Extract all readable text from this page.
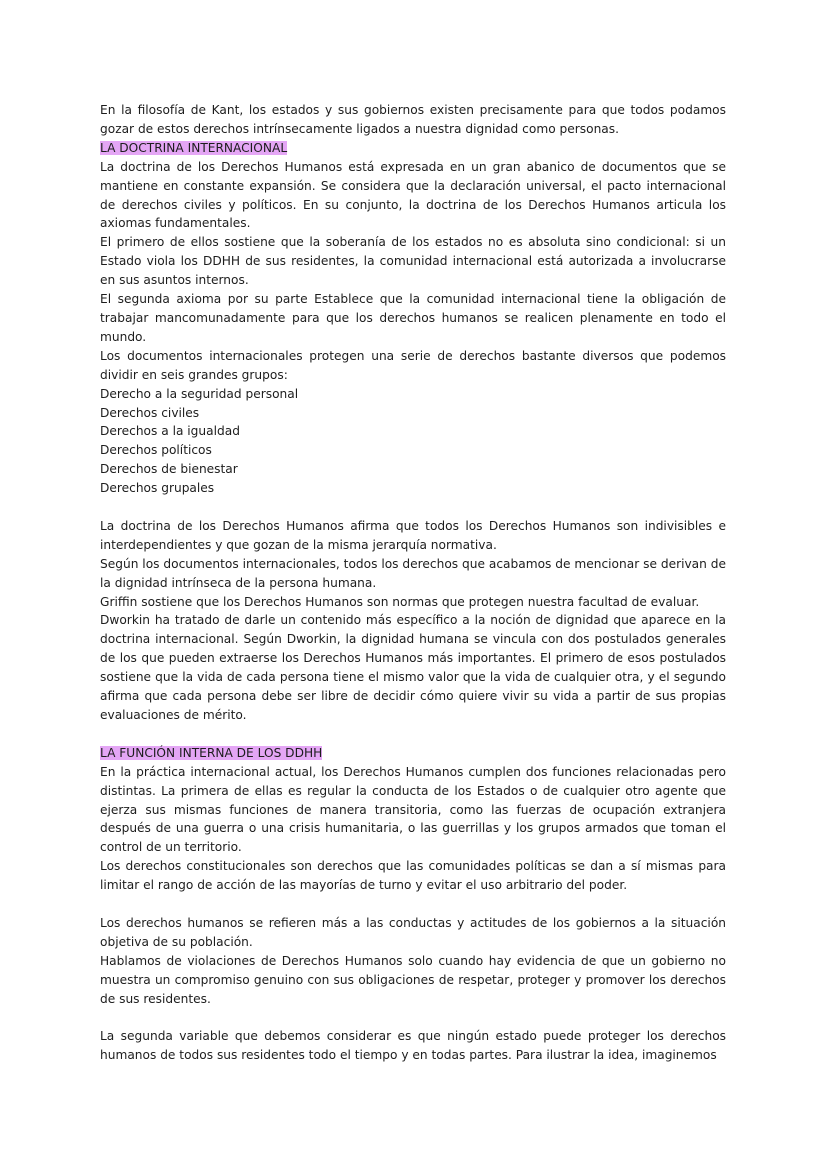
En la filosofía de Kant, los estados y sus gobiernos existen precisamente para que todos podamos gozar de estos derechos intrínsecamente ligados a nuestra dignidad como personas.

LA DOCTRINA INTERNACIONAL

La doctrina de los Derechos Humanos está expresada en un gran abanico de documentos que se mantiene en constante expansión. Se considera que la declaración universal, el pacto internacional de derechos civiles y políticos. En su conjunto, la doctrina de los Derechos Humanos articula los axiomas fundamentales.

El primero de ellos sostiene que la soberanía de los estados no es absoluta sino condicional: si un Estado viola los DDHH de sus residentes, la comunidad internacional está autorizada a involucrarse en sus asuntos internos.

El segunda axioma por su parte Establece que la comunidad internacional tiene la obligación de trabajar mancomunadamente para que los derechos humanos se realicen plenamente en todo el mundo.

Los documentos internacionales protegen una serie de derechos bastante diversos que podemos dividir en seis grandes grupos:

Derecho a la seguridad personal
Derechos civiles
Derechos a la igualdad
Derechos políticos
Derechos de bienestar
Derechos grupales

La doctrina de los Derechos Humanos afirma que todos los Derechos Humanos son indivisibles e interdependientes y que gozan de la misma jerarquía normativa.

Según los documentos internacionales, todos los derechos que acabamos de mencionar se derivan de la dignidad intrínseca de la persona humana.

Griffin sostiene que los Derechos Humanos son normas que protegen nuestra facultad de evaluar.

Dworkin ha tratado de darle un contenido más específico a la noción de dignidad que aparece en la doctrina internacional. Según Dworkin, la dignidad humana se vincula con dos postulados generales de los que pueden extraerse los Derechos Humanos más importantes. El primero de esos postulados sostiene que la vida de cada persona tiene el mismo valor que la vida de cualquier otra, y el segundo afirma que cada persona debe ser libre de decidir cómo quiere vivir su vida a partir de sus propias evaluaciones de mérito.

LA FUNCIÓN INTERNA DE LOS DDHH

En la práctica internacional actual, los Derechos Humanos cumplen dos funciones relacionadas pero distintas. La primera de ellas es regular la conducta de los Estados o de cualquier otro agente que ejerza sus mismas funciones de manera transitoria, como las fuerzas de ocupación extranjera después de una guerra o una crisis humanitaria, o las guerrillas y los grupos armados que toman el control de un territorio.

Los derechos constitucionales son derechos que las comunidades políticas se dan a sí mismas para limitar el rango de acción de las mayorías de turno y evitar el uso arbitrario del poder.

Los derechos humanos se refieren más a las conductas y actitudes de los gobiernos a la situación objetiva de su población.

Hablamos de violaciones de Derechos Humanos solo cuando hay evidencia de que un gobierno no muestra un compromiso genuino con sus obligaciones de respetar, proteger y promover los derechos de sus residentes.

La segunda variable que debemos considerar es que ningún estado puede proteger los derechos humanos de todos sus residentes todo el tiempo y en todas partes. Para ilustrar la idea, imaginemos
